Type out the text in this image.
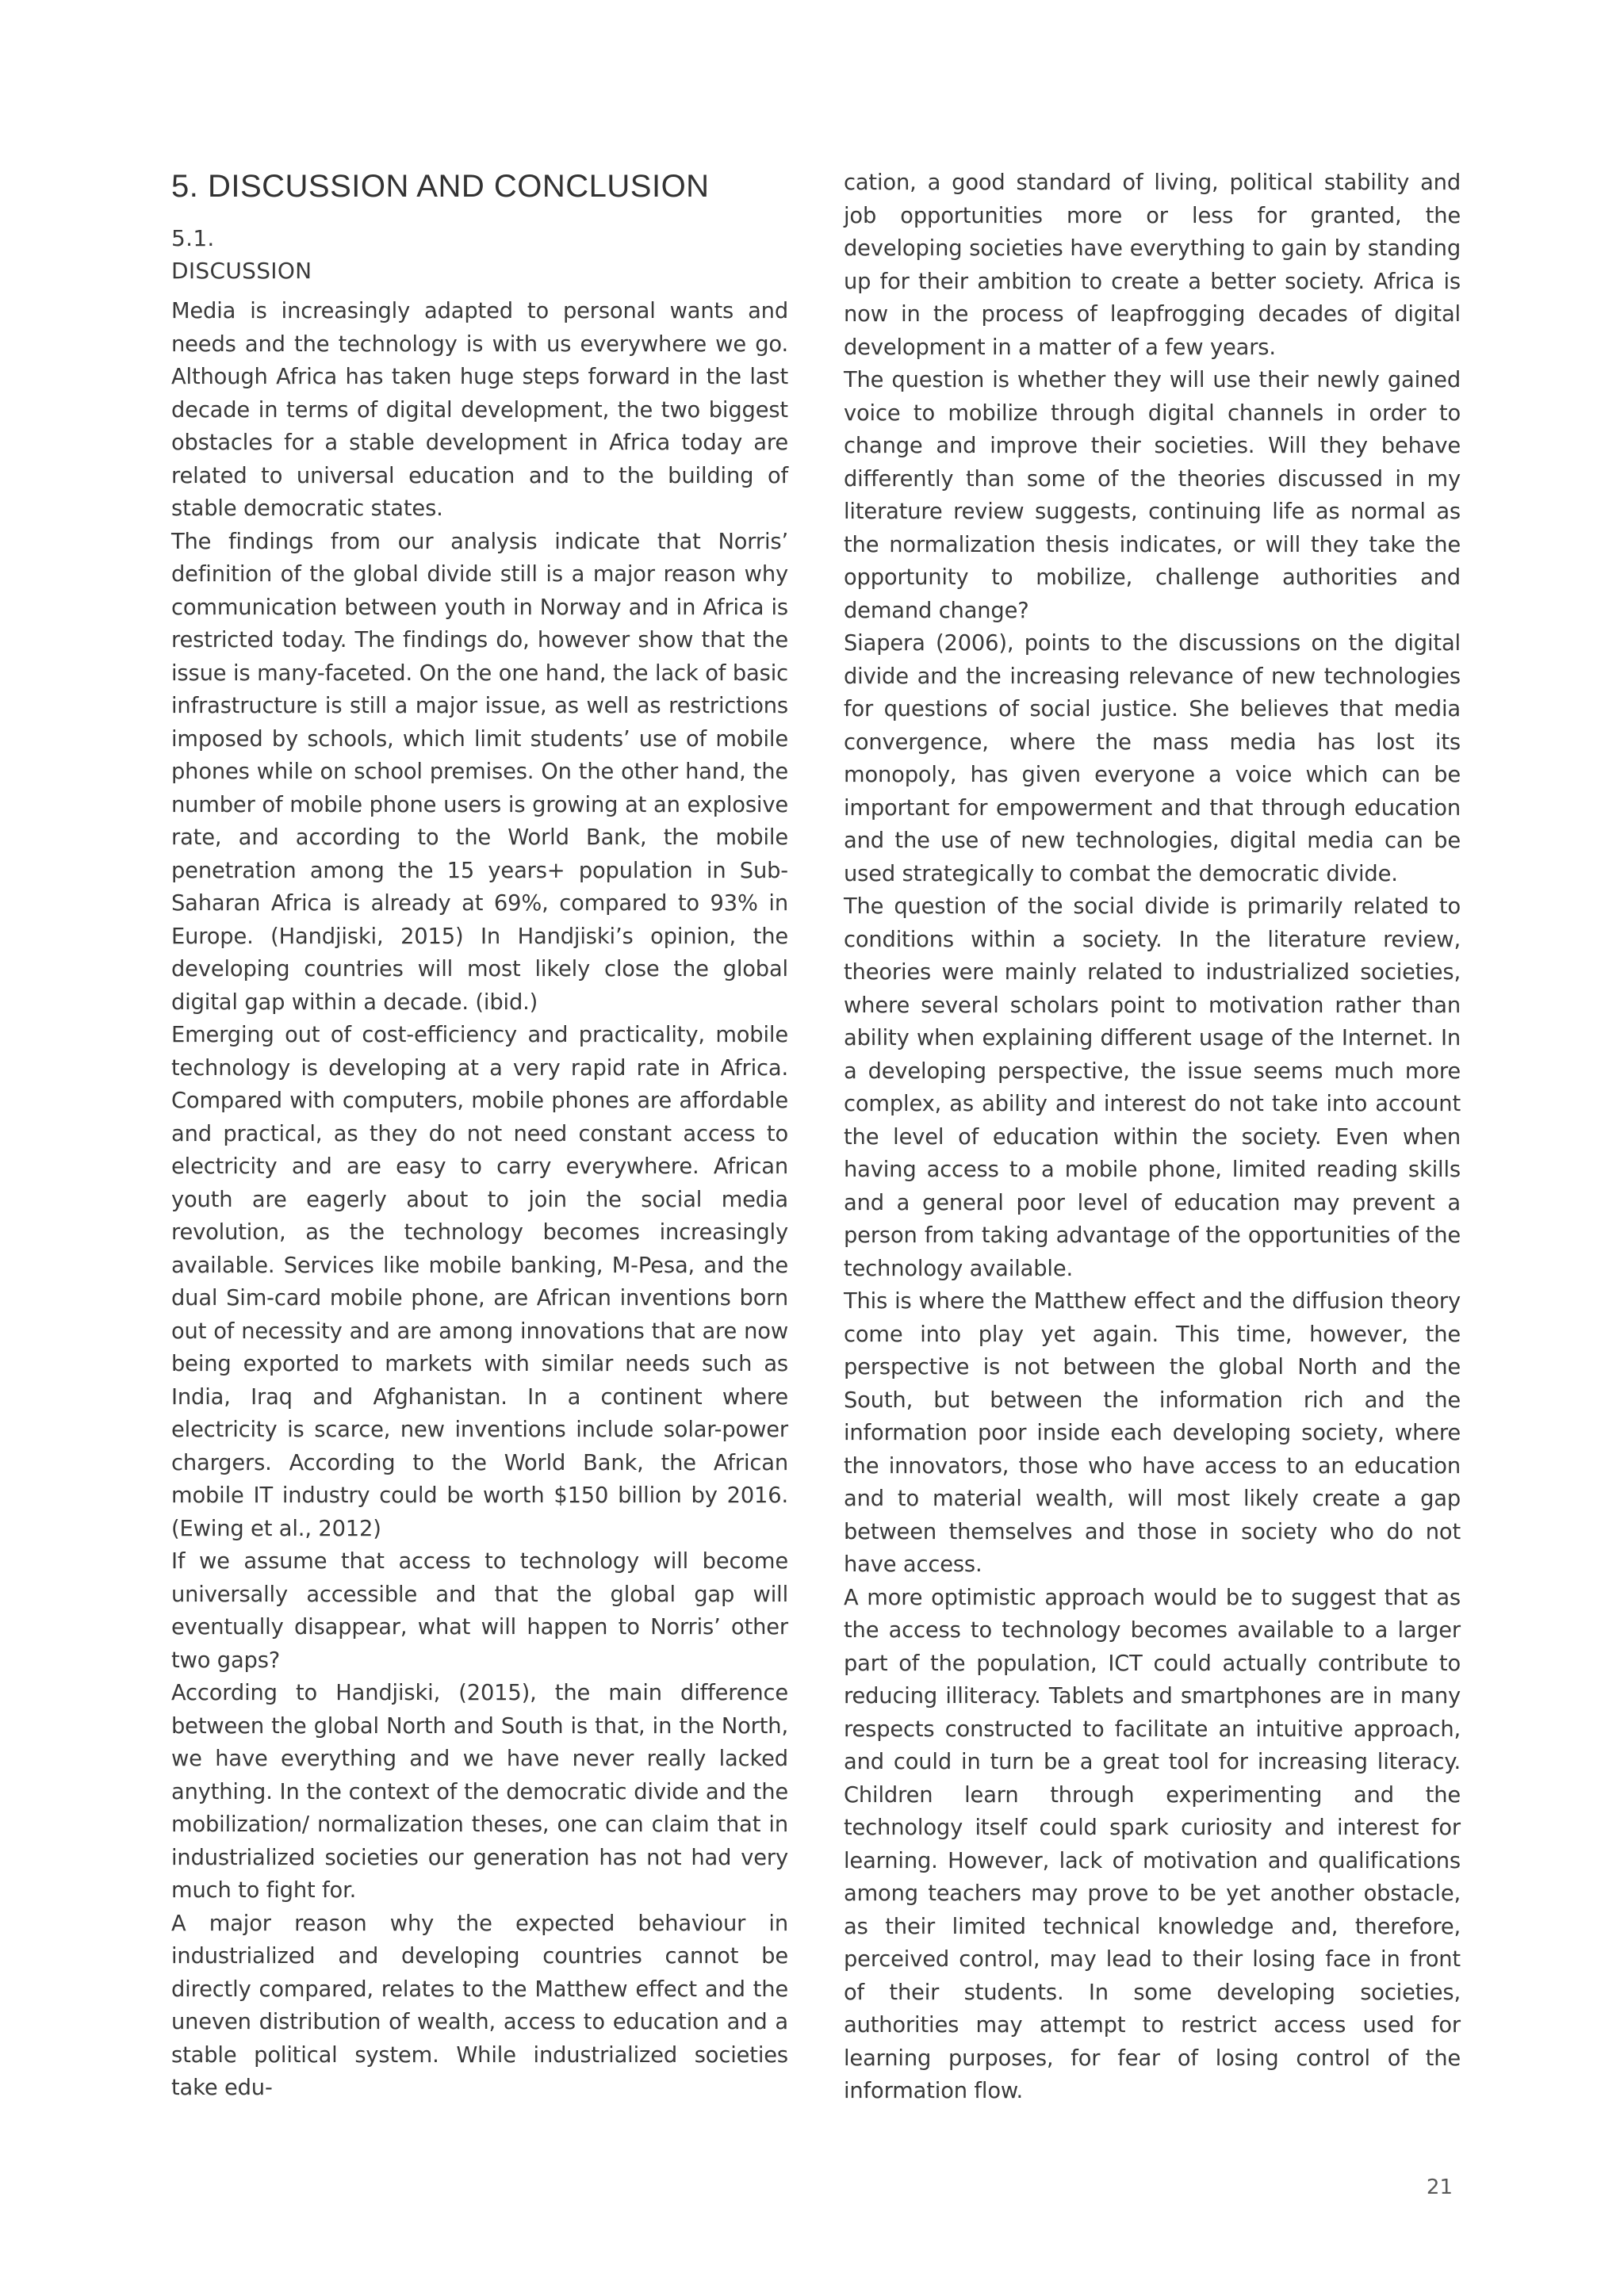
5. DISCUSSION AND CONCLUSION
5.1.
DISCUSSION

Media is increasingly adapted to personal wants and needs and the technology is with us everywhere we go. Although Africa has taken huge steps forward in the last decade in terms of digital development, the two biggest obstacles for a stable development in Africa today are related to universal education and to the building of stable democratic states.

The findings from our analysis indicate that Norris’ definition of the global divide still is a major reason why communication between youth in Norway and in Africa is restricted today. The findings do, however show that the issue is many-faceted. On the one hand, the lack of basic infrastructure is still a major issue, as well as restrictions imposed by schools, which limit students’ use of mobile phones while on school premises. On the other hand, the number of mobile phone users is growing at an explosive rate, and according to the World Bank, the mobile penetration among the 15 years+ population in Sub-Saharan Africa is already at 69%, compared to 93% in Europe. (Handjiski, 2015) In Handjiski’s opinion, the developing countries will most likely close the global digital gap within a decade. (ibid.)

Emerging out of cost-efficiency and practicality, mobile technology is developing at a very rapid rate in Africa. Compared with computers, mobile phones are affordable and practical, as they do not need constant access to electricity and are easy to carry everywhere. African youth are eagerly about to join the social media revolution, as the technology becomes increasingly available. Services like mobile banking, M-Pesa, and the dual Sim-card mobile phone, are African inventions born out of necessity and are among innovations that are now being exported to markets with similar needs such as India, Iraq and Afghanistan. In a continent where electricity is scarce, new inventions include solar-power chargers. According to the World Bank, the African mobile IT industry could be worth $150 billion by 2016. (Ewing et al., 2012)

If we assume that access to technology will become universally accessible and that the global gap will eventually disappear, what will happen to Norris’ other two gaps?

According to Handjiski, (2015), the main difference between the global North and South is that, in the North, we have everything and we have never really lacked anything. In the context of the democratic divide and the mobilization/ normalization theses, one can claim that in industrialized societies our generation has not had very much to fight for.

A major reason why the expected behaviour in industrialized and developing countries cannot be directly compared, relates to the Matthew effect and the uneven distribution of wealth, access to education and a stable political system. While industrialized societies take edu-

cation, a good standard of living, political stability and job opportunities more or less for granted, the developing societies have everything to gain by standing up for their ambition to create a better society. Africa is now in the process of leapfrogging decades of digital development in a matter of a few years.

The question is whether they will use their newly gained voice to mobilize through digital channels in order to change and improve their societies. Will they behave differently than some of the theories discussed in my literature review suggests, continuing life as normal as the normalization thesis indicates, or will they take the opportunity to mobilize, challenge authorities and demand change?

Siapera (2006), points to the discussions on the digital divide and the increasing relevance of new technologies for questions of social justice. She believes that media convergence, where the mass media has lost its monopoly, has given everyone a voice which can be important for empowerment and that through education and the use of new technologies, digital media can be used strategically to combat the democratic divide.

The question of the social divide is primarily related to conditions within a society. In the literature review, theories were mainly related to industrialized societies, where several scholars point to motivation rather than ability when explaining different usage of the Internet. In a developing perspective, the issue seems much more complex, as ability and interest do not take into account the level of education within the society. Even when having access to a mobile phone, limited reading skills and a general poor level of education may prevent a person from taking advantage of the opportunities of the technology available.

This is where the Matthew effect and the diffusion theory come into play yet again. This time, however, the perspective is not between the global North and the South, but between the information rich and the information poor inside each developing society, where the innovators, those who have access to an education and to material wealth, will most likely create a gap between themselves and those in society who do not have access.

A more optimistic approach would be to suggest that as the access to technology becomes available to a larger part of the population, ICT could actually contribute to reducing illiteracy. Tablets and smartphones are in many respects constructed to facilitate an intuitive approach, and could in turn be a great tool for increasing literacy. Children learn through experimenting and the technology itself could spark curiosity and interest for learning. However, lack of motivation and qualifications among teachers may prove to be yet another obstacle, as their limited technical knowledge and, therefore, perceived control, may lead to their losing face in front of their students. In some developing societies, authorities may attempt to restrict access used for learning purposes, for fear of losing control of the information flow.

21
